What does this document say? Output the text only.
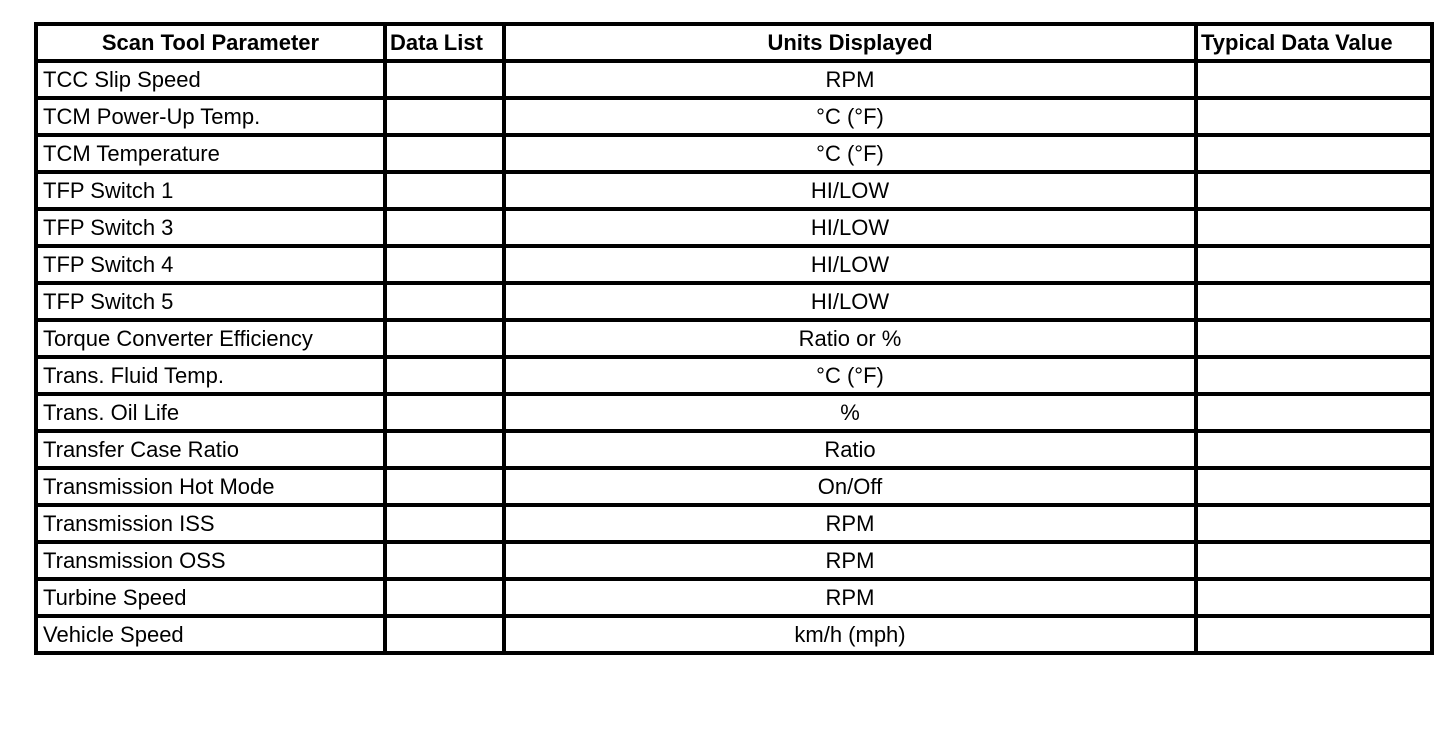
Scan Tool Parameter	Data List	Units Displayed	Typical Data Value
TCC Slip Speed		RPM	
TCM Power-Up Temp.		°C (°F)	
TCM Temperature		°C (°F)	
TFP Switch 1		HI/LOW	
TFP Switch 3		HI/LOW	
TFP Switch 4		HI/LOW	
TFP Switch 5		HI/LOW	
Torque Converter Efficiency		Ratio or %	
Trans. Fluid Temp.		°C (°F)	
Trans. Oil Life		%	
Transfer Case Ratio		Ratio	
Transmission Hot Mode		On/Off	
Transmission ISS		RPM	
Transmission OSS		RPM	
Turbine Speed		RPM	
Vehicle Speed		km/h (mph)	
